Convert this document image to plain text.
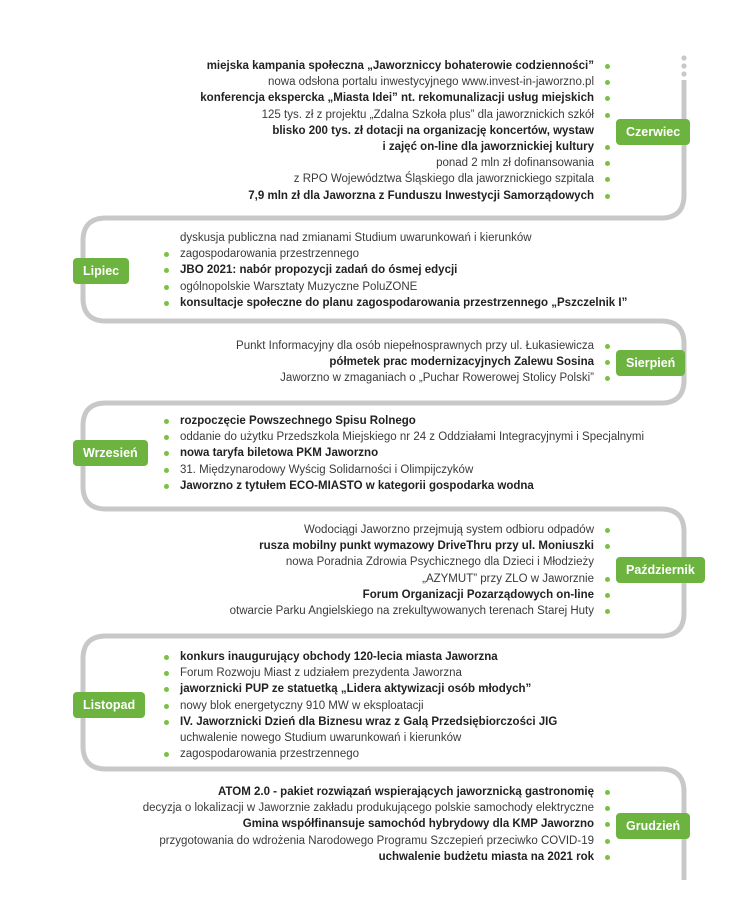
miejska kampania społeczna „Jaworzniccy bohaterowie codzienności”
nowa odsłona portalu inwestycyjnego www.invest-in-jaworzno.pl
konferencja ekspercka „Miasta Idei” nt. rekomunalizacji usług miejskich
125 tys. zł z projektu „Zdalna Szkoła plus” dla jaworznickich szkół
blisko 200 tys. zł dotacji na organizację koncertów, wystaw
i zajęć on-line dla jaworznickiej kultury
ponad 2 mln zł dofinansowania
z RPO Województwa Śląskiego dla jaworznickiego szpitala
7,9 mln zł dla Jaworzna z Funduszu Inwestycji Samorządowych
Czerwiec
dyskusja publiczna nad zmianami Studium uwarunkowań i kierunków
zagospodarowania przestrzennego
JBO 2021: nabór propozycji zadań do ósmej edycji
ogólnopolskie Warsztaty Muzyczne PoluZONE
konsultacje społeczne do planu zagospodarowania przestrzennego „Pszczelnik I”
Lipiec
Punkt Informacyjny dla osób niepełnosprawnych przy ul. Łukasiewicza
półmetek prac modernizacyjnych Zalewu Sosina
Jaworzno w zmaganiach o „Puchar Rowerowej Stolicy Polski”
Sierpień
rozpoczęcie Powszechnego Spisu Rolnego
oddanie do użytku Przedszkola Miejskiego nr 24 z Oddziałami Integracyjnymi i Specjalnymi
nowa taryfa biletowa PKM Jaworzno
31. Międzynarodowy Wyścig Solidarności i Olimpijczyków
Jaworzno z tytułem ECO-MIASTO w kategorii gospodarka wodna
Wrzesień
Wodociągi Jaworzno przejmują system odbioru odpadów
rusza mobilny punkt wymazowy DriveThru przy ul. Moniuszki
nowa Poradnia Zdrowia Psychicznego dla Dzieci i Młodzieży
„AZYMUT” przy ZLO w Jaworznie
Forum Organizacji Pozarządowych on-line
otwarcie Parku Angielskiego na zrekultywowanych terenach Starej Huty
Październik
konkurs inaugurujący obchody 120-lecia miasta Jaworzna
Forum Rozwoju Miast z udziałem prezydenta Jaworzna
jaworznicki PUP ze statuetką „Lidera aktywizacji osób młodych”
nowy blok energetyczny 910 MW w eksploatacji
IV. Jaworznicki Dzień dla Biznesu wraz z Galą Przedsiębiorczości JIG
uchwalenie nowego Studium uwarunkowań i kierunków
zagospodarowania przestrzennego
Listopad
ATOM 2.0 - pakiet rozwiązań wspierających jaworznicką gastronomię
decyzja o lokalizacji w Jaworznie zakładu produkującego polskie samochody elektryczne
Gmina współfinansuje samochód hybrydowy dla KMP Jaworzno
przygotowania do wdrożenia Narodowego Programu Szczepień przeciwko COVID-19
uchwalenie budżetu miasta na 2021 rok
Grudzień
